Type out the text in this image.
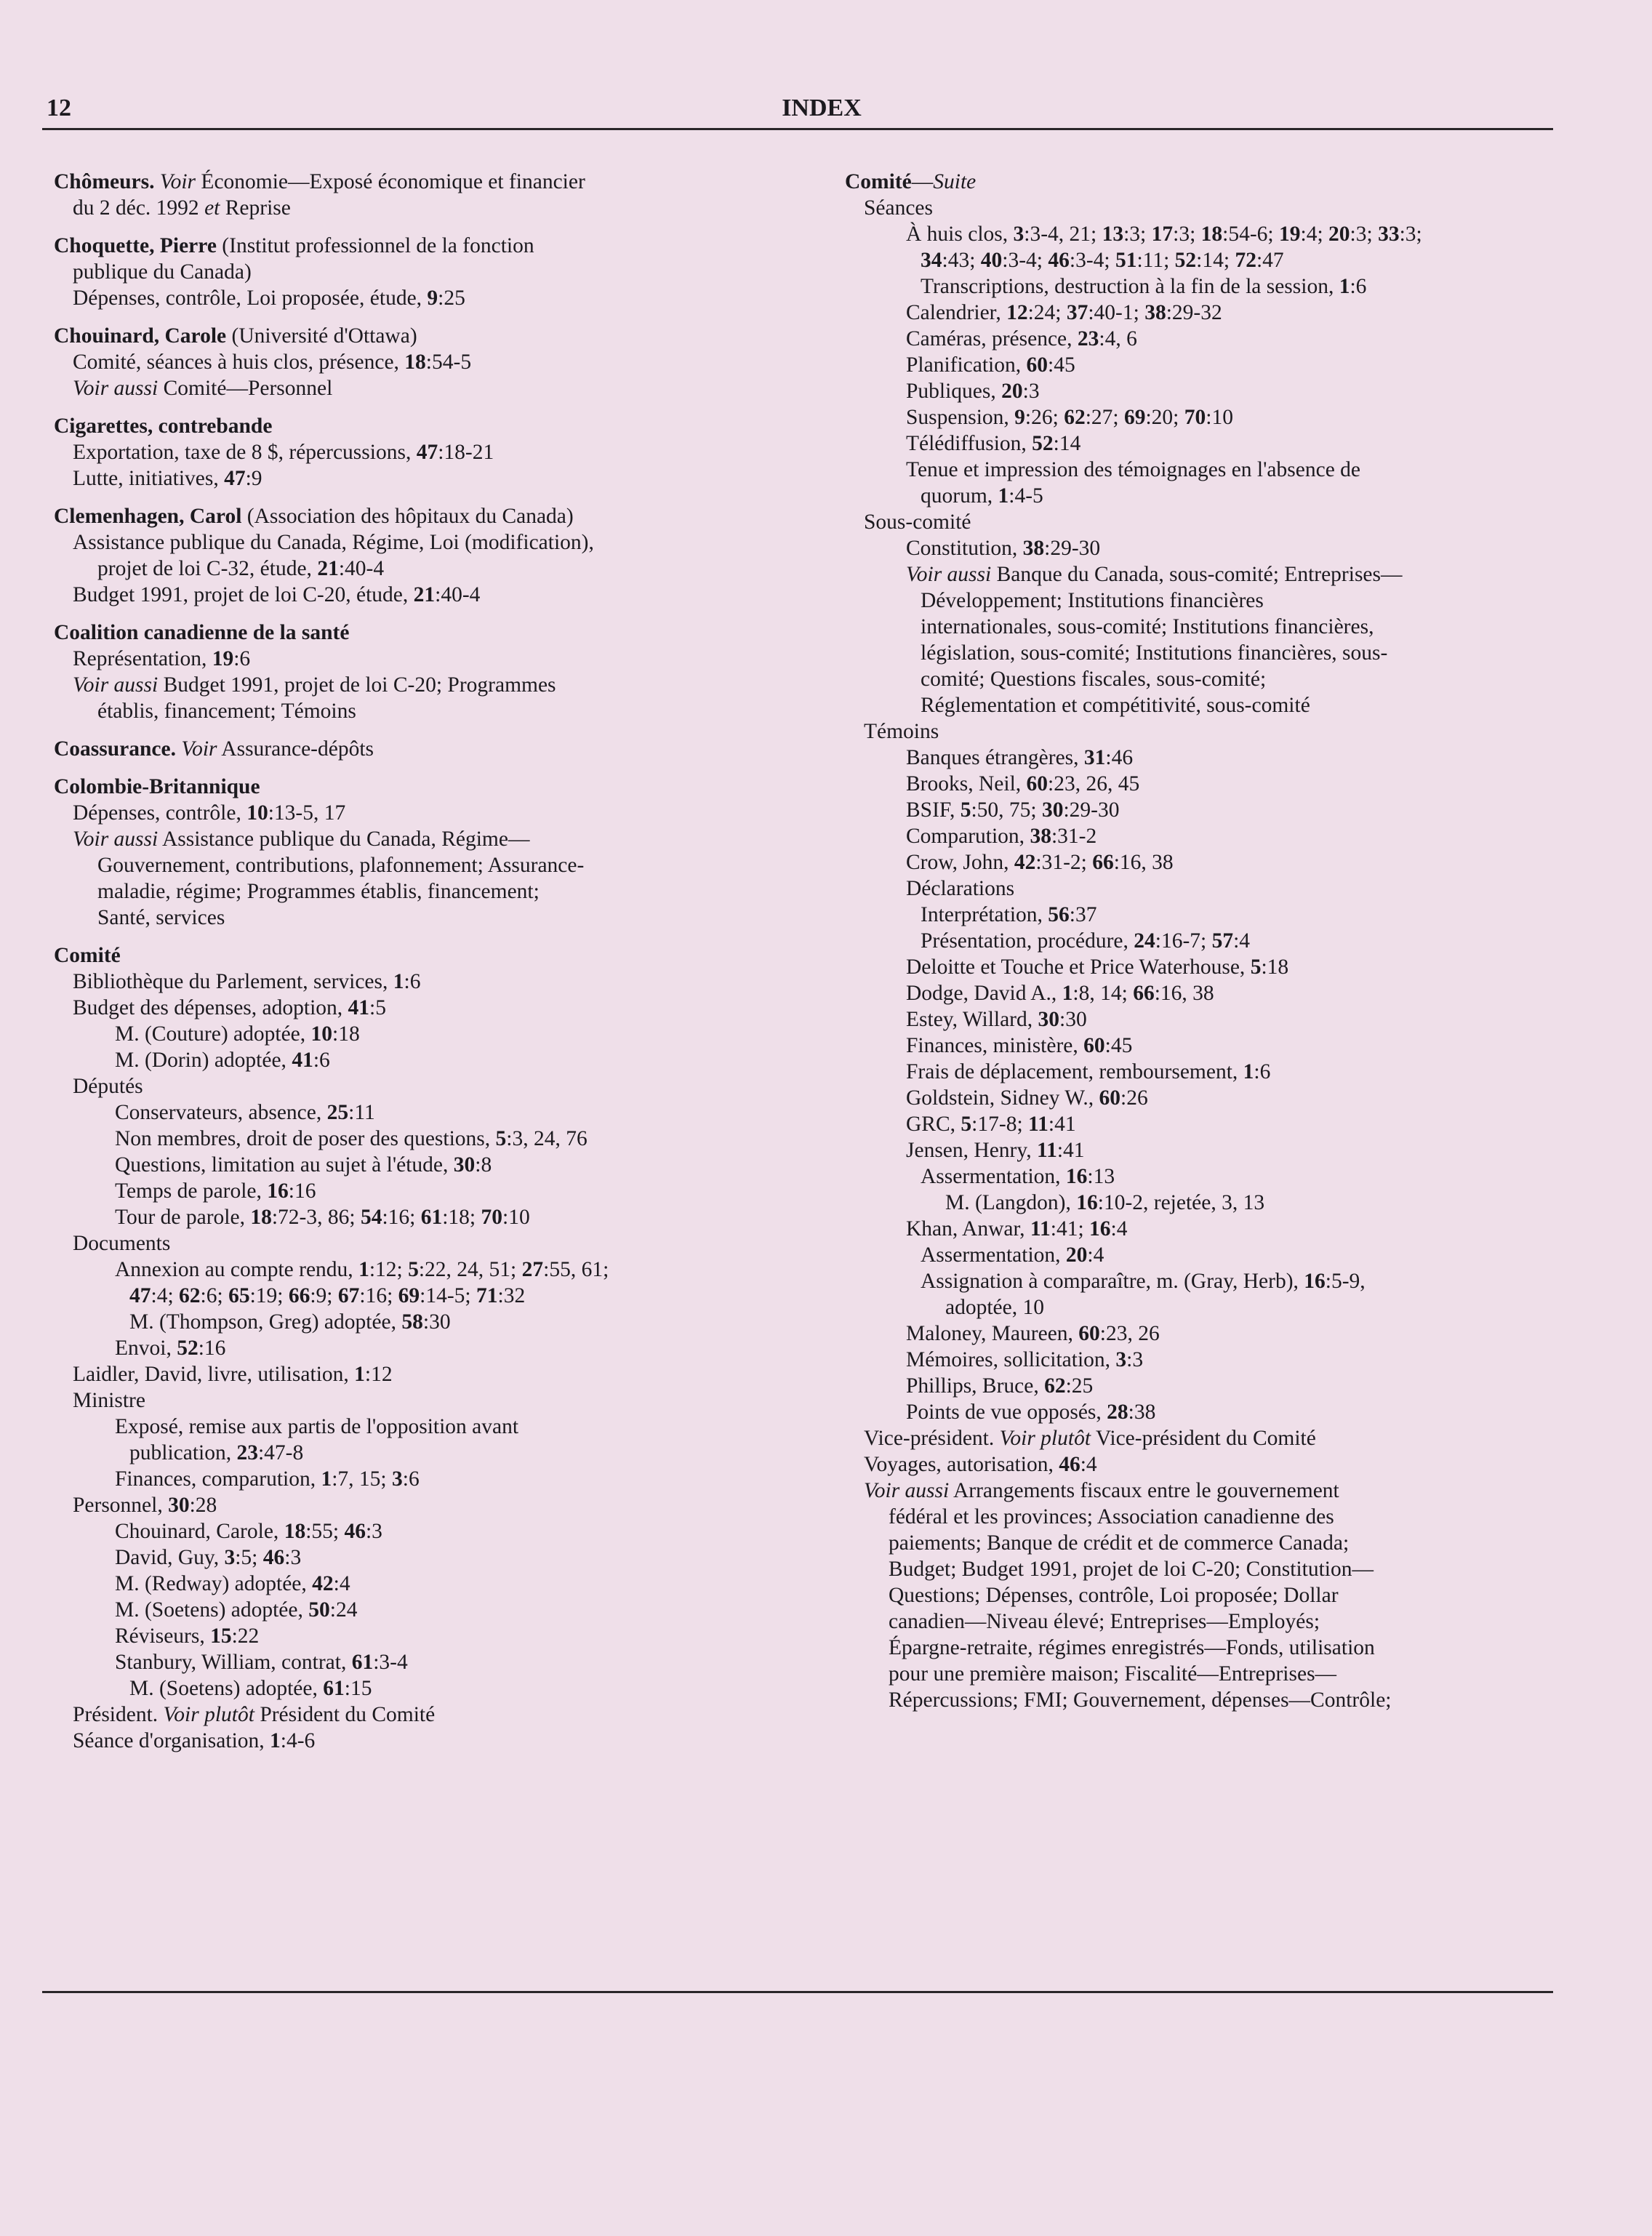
12	INDEX
Chômeurs. Voir Économie—Exposé économique et financier
du 2 déc. 1992 et Reprise
Choquette, Pierre (Institut professionnel de la fonction
publique du Canada)
Dépenses, contrôle, Loi proposée, étude, 9:25
Chouinard, Carole (Université d'Ottawa)
Comité, séances à huis clos, présence, 18:54-5
Voir aussi Comité—Personnel
Cigarettes, contrebande
Exportation, taxe de 8 $, répercussions, 47:18-21
Lutte, initiatives, 47:9
Clemenhagen, Carol (Association des hôpitaux du Canada)
Assistance publique du Canada, Régime, Loi (modification),
projet de loi C-32, étude, 21:40-4
Budget 1991, projet de loi C-20, étude, 21:40-4
Coalition canadienne de la santé
Représentation, 19:6
Voir aussi Budget 1991, projet de loi C-20; Programmes
établis, financement; Témoins
Coassurance. Voir Assurance-dépôts
Colombie-Britannique
Dépenses, contrôle, 10:13-5, 17
Voir aussi Assistance publique du Canada, Régime—
Gouvernement, contributions, plafonnement; Assurance-
maladie, régime; Programmes établis, financement;
Santé, services
Comité
Bibliothèque du Parlement, services, 1:6
Budget des dépenses, adoption, 41:5
M. (Couture) adoptée, 10:18
M. (Dorin) adoptée, 41:6
Députés
Conservateurs, absence, 25:11
Non membres, droit de poser des questions, 5:3, 24, 76
Questions, limitation au sujet à l'étude, 30:8
Temps de parole, 16:16
Tour de parole, 18:72-3, 86; 54:16; 61:18; 70:10
Documents
Annexion au compte rendu, 1:12; 5:22, 24, 51; 27:55, 61;
47:4; 62:6; 65:19; 66:9; 67:16; 69:14-5; 71:32
M. (Thompson, Greg) adoptée, 58:30
Envoi, 52:16
Laidler, David, livre, utilisation, 1:12
Ministre
Exposé, remise aux partis de l'opposition avant
publication, 23:47-8
Finances, comparution, 1:7, 15; 3:6
Personnel, 30:28
Chouinard, Carole, 18:55; 46:3
David, Guy, 3:5; 46:3
M. (Redway) adoptée, 42:4
M. (Soetens) adoptée, 50:24
Réviseurs, 15:22
Stanbury, William, contrat, 61:3-4
M. (Soetens) adoptée, 61:15
Président. Voir plutôt Président du Comité
Séance d'organisation, 1:4-6
Comité—Suite
Séances
À huis clos, 3:3-4, 21; 13:3; 17:3; 18:54-6; 19:4; 20:3; 33:3;
34:43; 40:3-4; 46:3-4; 51:11; 52:14; 72:47
Transcriptions, destruction à la fin de la session, 1:6
Calendrier, 12:24; 37:40-1; 38:29-32
Caméras, présence, 23:4, 6
Planification, 60:45
Publiques, 20:3
Suspension, 9:26; 62:27; 69:20; 70:10
Télédiffusion, 52:14
Tenue et impression des témoignages en l'absence de
quorum, 1:4-5
Sous-comité
Constitution, 38:29-30
Voir aussi Banque du Canada, sous-comité; Entreprises—
Développement; Institutions financières
internationales, sous-comité; Institutions financières,
législation, sous-comité; Institutions financières, sous-
comité; Questions fiscales, sous-comité;
Réglementation et compétitivité, sous-comité
Témoins
Banques étrangères, 31:46
Brooks, Neil, 60:23, 26, 45
BSIF, 5:50, 75; 30:29-30
Comparution, 38:31-2
Crow, John, 42:31-2; 66:16, 38
Déclarations
Interprétation, 56:37
Présentation, procédure, 24:16-7; 57:4
Deloitte et Touche et Price Waterhouse, 5:18
Dodge, David A., 1:8, 14; 66:16, 38
Estey, Willard, 30:30
Finances, ministère, 60:45
Frais de déplacement, remboursement, 1:6
Goldstein, Sidney W., 60:26
GRC, 5:17-8; 11:41
Jensen, Henry, 11:41
Assermentation, 16:13
M. (Langdon), 16:10-2, rejetée, 3, 13
Khan, Anwar, 11:41; 16:4
Assermentation, 20:4
Assignation à comparaître, m. (Gray, Herb), 16:5-9,
adoptée, 10
Maloney, Maureen, 60:23, 26
Mémoires, sollicitation, 3:3
Phillips, Bruce, 62:25
Points de vue opposés, 28:38
Vice-président. Voir plutôt Vice-président du Comité
Voyages, autorisation, 46:4
Voir aussi Arrangements fiscaux entre le gouvernement
fédéral et les provinces; Association canadienne des
paiements; Banque de crédit et de commerce Canada;
Budget; Budget 1991, projet de loi C-20; Constitution—
Questions; Dépenses, contrôle, Loi proposée; Dollar
canadien—Niveau élevé; Entreprises—Employés;
Épargne-retraite, régimes enregistrés—Fonds, utilisation
pour une première maison; Fiscalité—Entreprises—
Répercussions; FMI; Gouvernement, dépenses—Contrôle;
